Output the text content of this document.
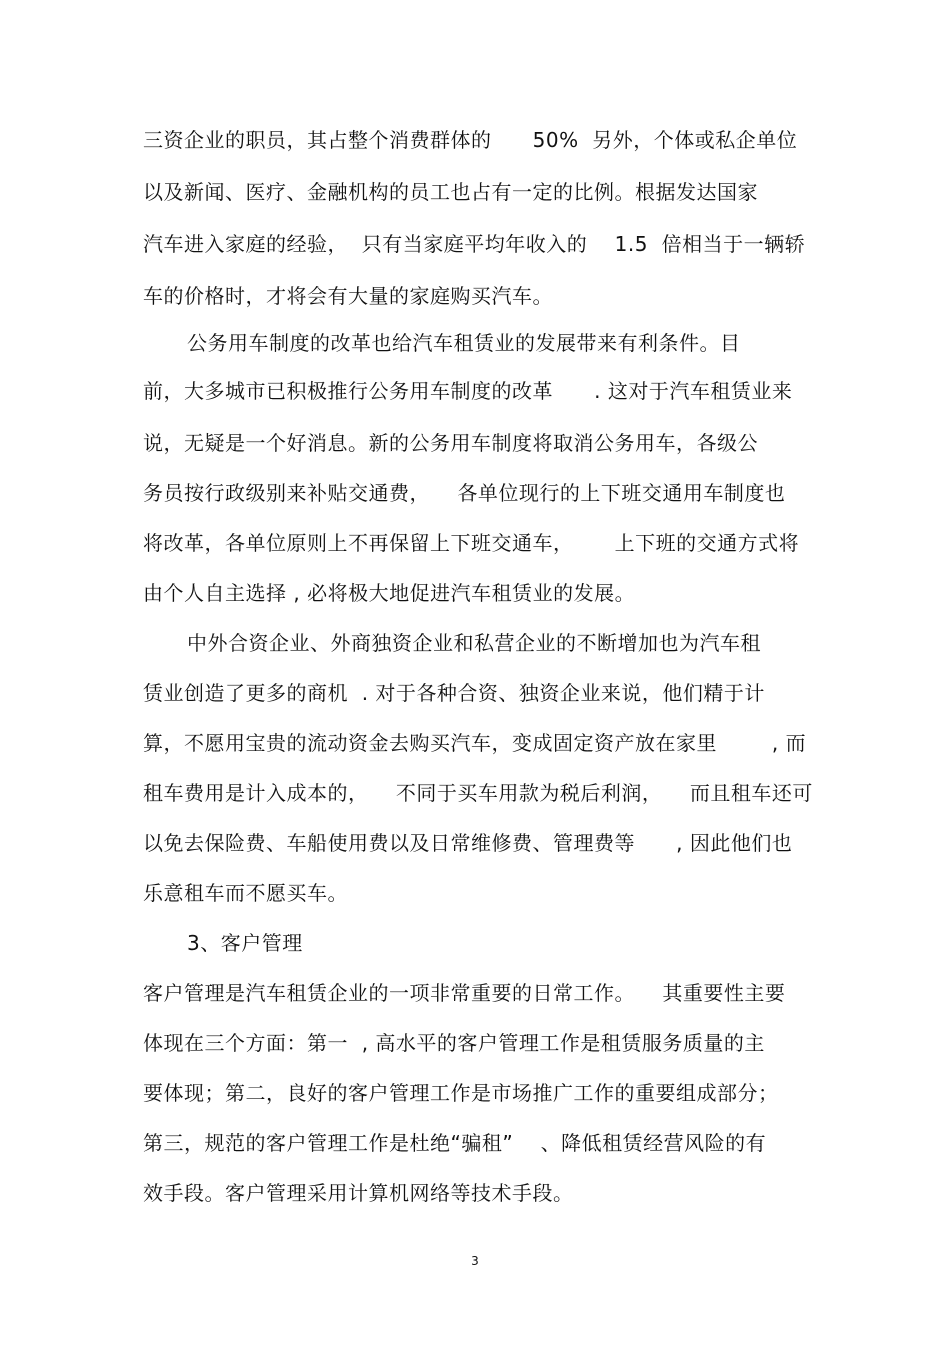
三资企业的职员，其占整个消费群体的      50%  另外，个体或私企单位
以及新闻、医疗、金融机构的员工也占有一定的比例。根据发达国家
汽车进入家庭的经验，  只有当家庭平均年收入的    1.5  倍相当于一辆轿
车的价格时，才将会有大量的家庭购买汽车。
公务用车制度的改革也给汽车租赁业的发展带来有利条件。目
前，大多城市已积极推行公务用车制度的改革      . 这对于汽车租赁业来
说，无疑是一个好消息。新的公务用车制度将取消公务用车，各级公
务员按行政级别来补贴交通费，    各单位现行的上下班交通用车制度也
将改革，各单位原则上不再保留上下班交通车，      上下班的交通方式将
由个人自主选择 , 必将极大地促进汽车租赁业的发展。
中外合资企业、外商独资企业和私营企业的不断增加也为汽车租
赁业创造了更多的商机  . 对于各种合资、独资企业来说，他们精于计
算，不愿用宝贵的流动资金去购买汽车，变成固定资产放在家里        , 而
租车费用是计入成本的，    不同于买车用款为税后利润，    而且租车还可
以免去保险费、车船使用费以及日常维修费、管理费等      , 因此他们也
乐意租车而不愿买车。
3、客户管理
客户管理是汽车租赁企业的一项非常重要的日常工作。    其重要性主要
体现在三个方面：第一  , 高水平的客户管理工作是租赁服务质量的主
要体现；第二，良好的客户管理工作是市场推广工作的重要组成部分；
第三，规范的客户管理工作是杜绝“骗租”    、降低租赁经营风险的有
效手段。客户管理采用计算机网络等技术手段。
3
